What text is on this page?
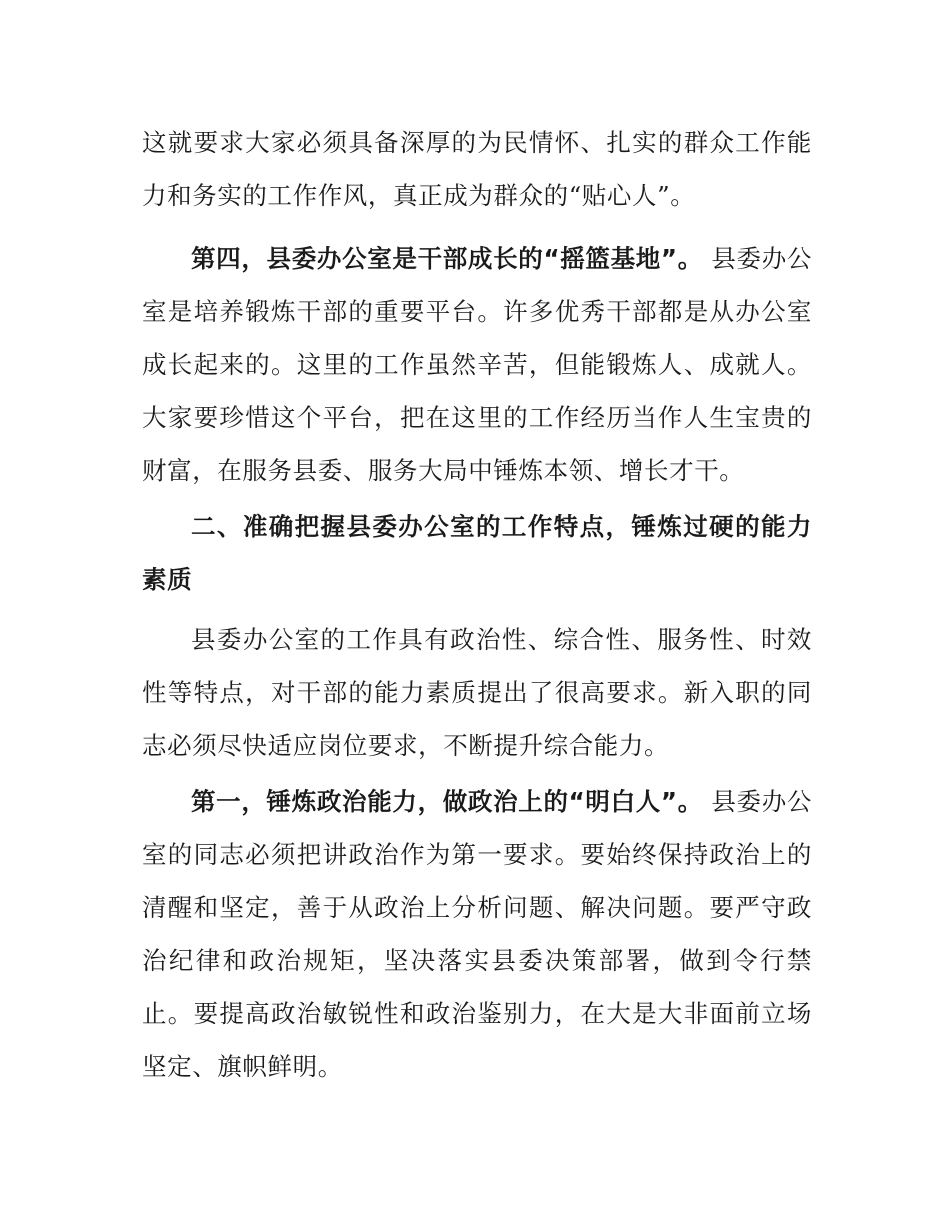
这就要求大家必须具备深厚的为民情怀、扎实的群众工作能力和务实的工作作风，真正成为群众的“贴心人”。

第四，县委办公室是干部成长的“摇篮基地”。 县委办公室是培养锻炼干部的重要平台。许多优秀干部都是从办公室成长起来的。这里的工作虽然辛苦，但能锻炼人、成就人。大家要珍惜这个平台，把在这里的工作经历当作人生宝贵的财富，在服务县委、服务大局中锤炼本领、增长才干。

二、准确把握县委办公室的工作特点，锤炼过硬的能力素质

县委办公室的工作具有政治性、综合性、服务性、时效性等特点，对干部的能力素质提出了很高要求。新入职的同志必须尽快适应岗位要求，不断提升综合能力。

第一，锤炼政治能力，做政治上的“明白人”。 县委办公室的同志必须把讲政治作为第一要求。要始终保持政治上的清醒和坚定，善于从政治上分析问题、解决问题。要严守政治纪律和政治规矩，坚决落实县委决策部署，做到令行禁止。要提高政治敏锐性和政治鉴别力，在大是大非面前立场坚定、旗帜鲜明。
